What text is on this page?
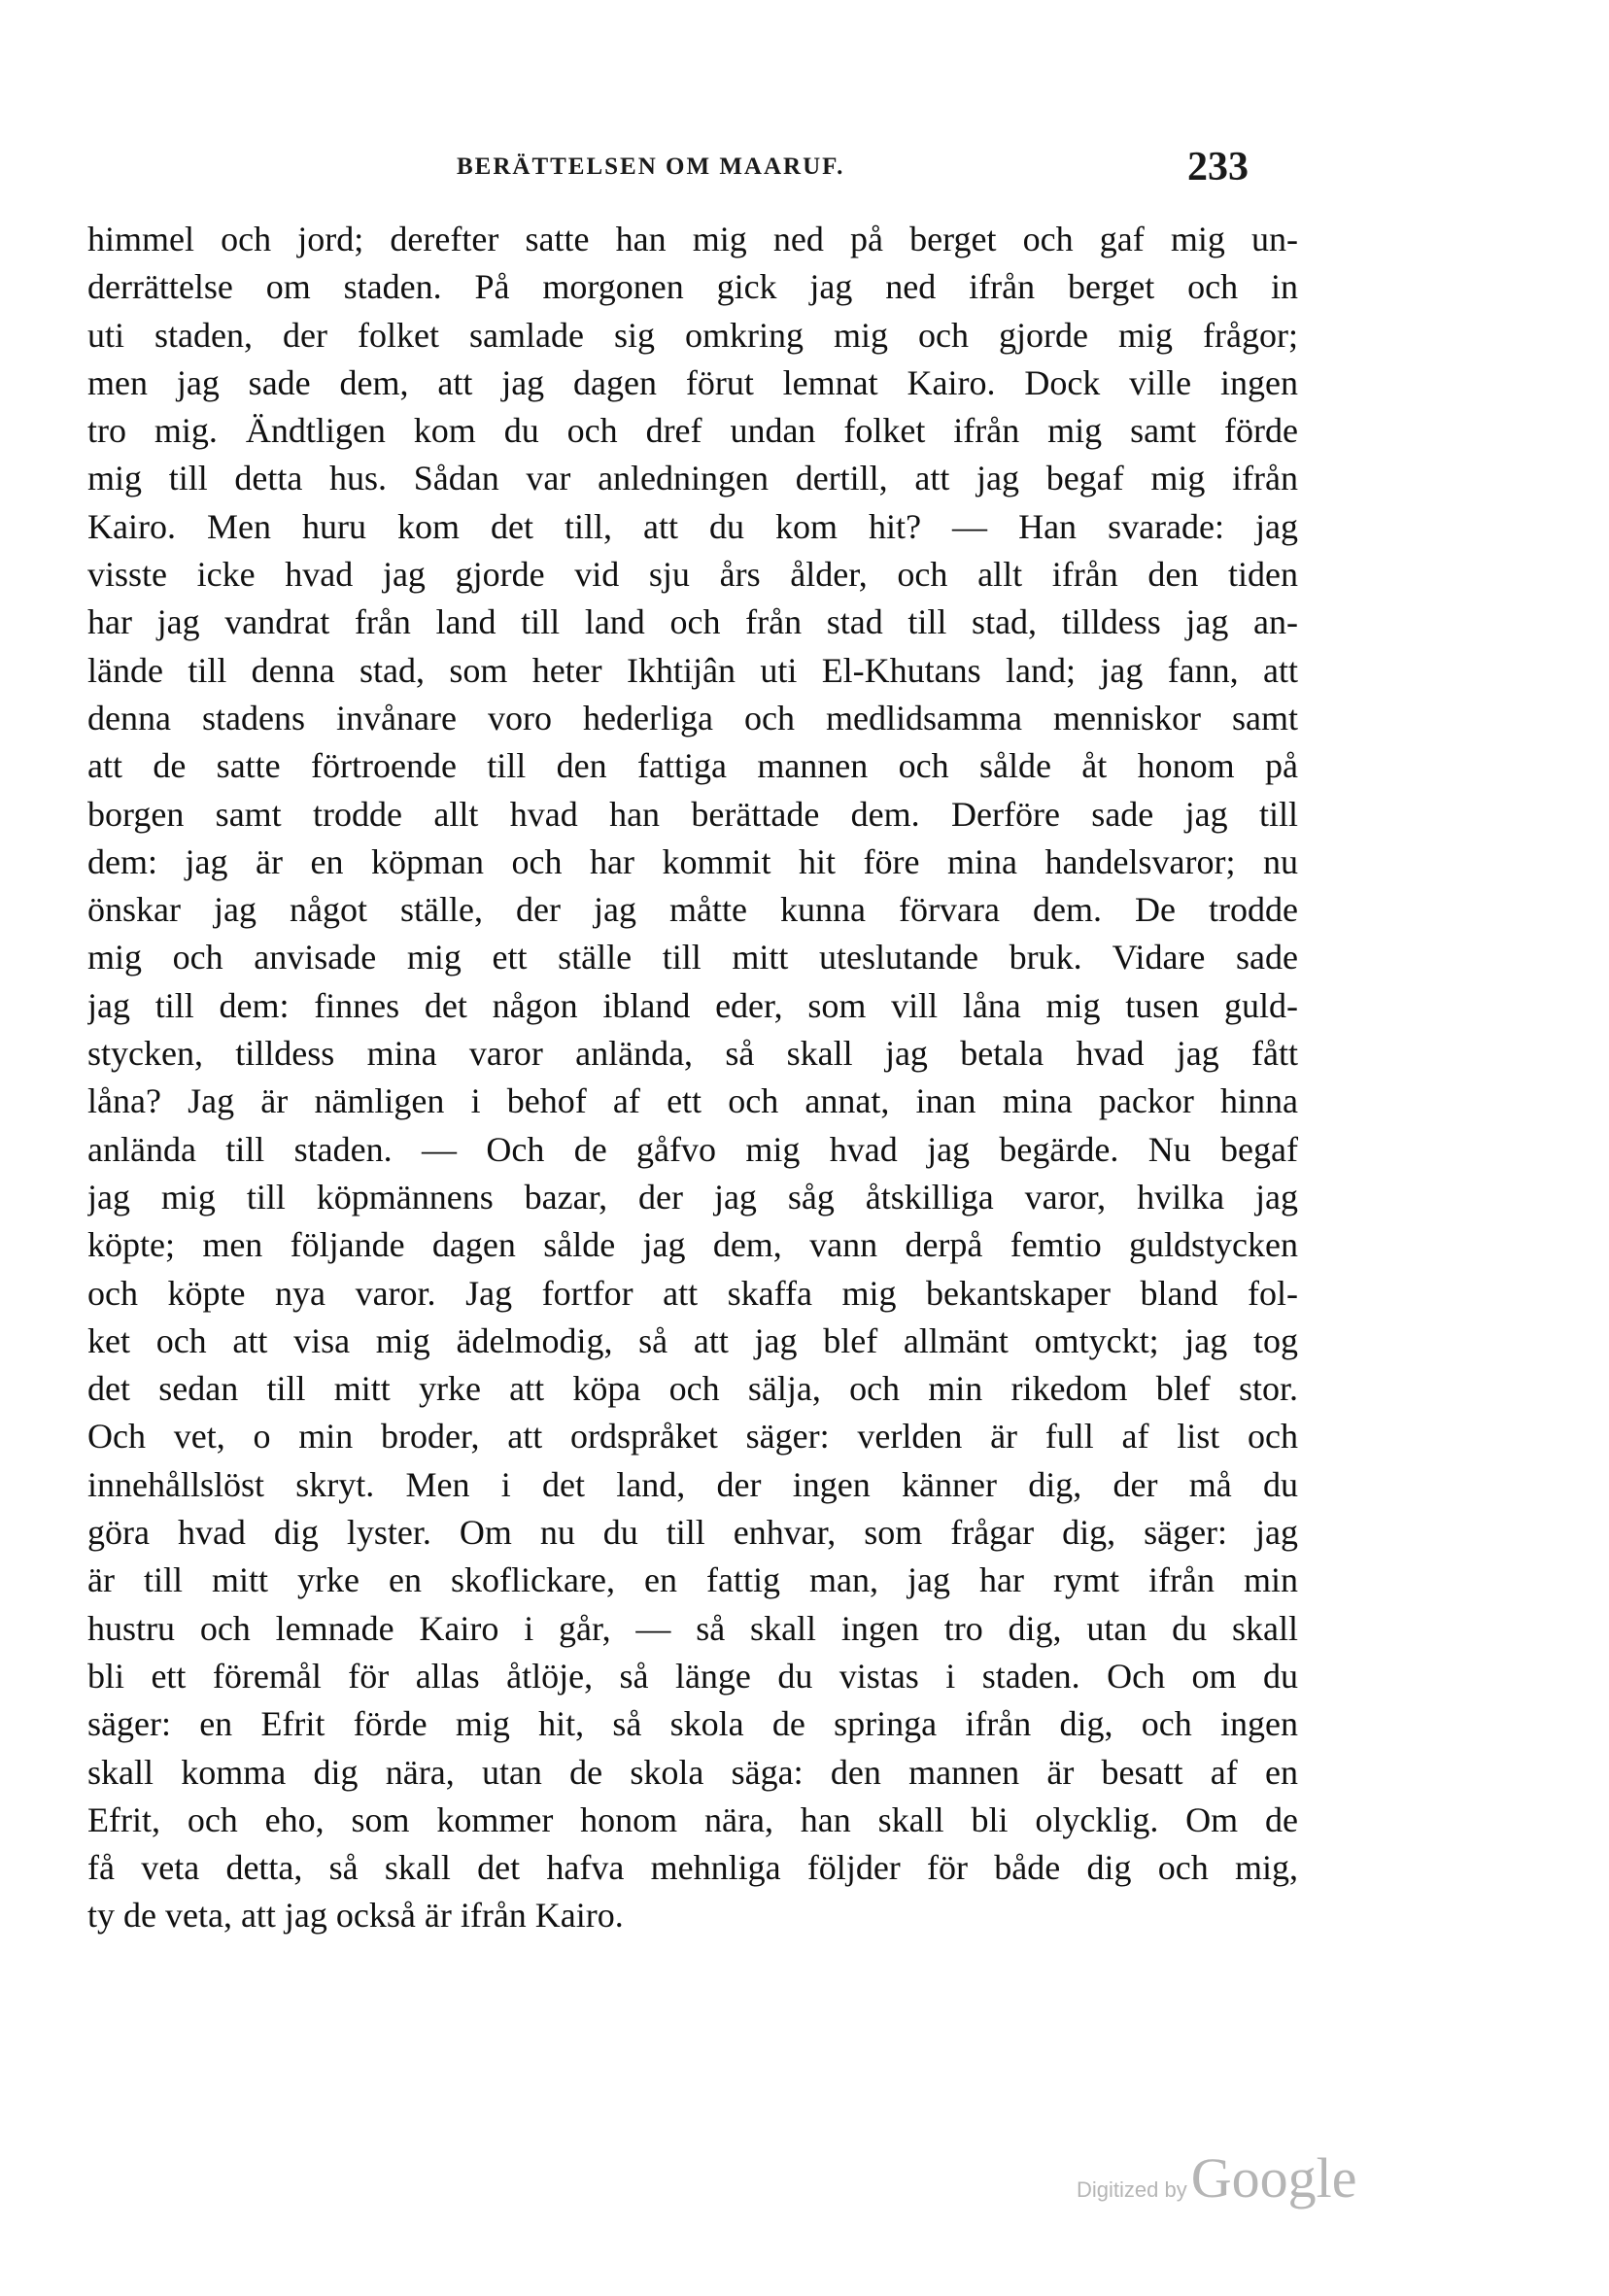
BERÄTTELSEN OM MAARUF.	233
himmel och jord; derefter satte han mig ned på berget och gaf mig un-
derrättelse om staden. På morgonen gick jag ned ifrån berget och in
uti staden, der folket samlade sig omkring mig och gjorde mig frågor;
men jag sade dem, att jag dagen förut lemnat Kairo. Dock ville ingen
tro mig. Ändtligen kom du och dref undan folket ifrån mig samt förde
mig till detta hus. Sådan var anledningen dertill, att jag begaf mig ifrån
Kairo. Men huru kom det till, att du kom hit? — Han svarade: jag
visste icke hvad jag gjorde vid sju års ålder, och allt ifrån den tiden
har jag vandrat från land till land och från stad till stad, tilldess jag an-
lände till denna stad, som heter Ikhtijân uti El-Khutans land; jag fann, att
denna stadens invånare voro hederliga och medlidsamma menniskor samt
att de satte förtroende till den fattiga mannen och sålde åt honom på
borgen samt trodde allt hvad han berättade dem. Derföre sade jag till
dem: jag är en köpman och har kommit hit före mina handelsvaror; nu
önskar jag något ställe, der jag måtte kunna förvara dem. De trodde
mig och anvisade mig ett ställe till mitt uteslutande bruk. Vidare sade
jag till dem: finnes det någon ibland eder, som vill låna mig tusen guld-
stycken, tilldess mina varor anlända, så skall jag betala hvad jag fått
låna? Jag är nämligen i behof af ett och annat, inan mina packor hinna
anlända till staden. — Och de gåfvo mig hvad jag begärde. Nu begaf
jag mig till köpmännens bazar, der jag såg åtskilliga varor, hvilka jag
köpte; men följande dagen sålde jag dem, vann derpå femtio guldstycken
och köpte nya varor. Jag fortfor att skaffa mig bekantskaper bland fol-
ket och att visa mig ädelmodig, så att jag blef allmänt omtyckt; jag tog
det sedan till mitt yrke att köpa och sälja, och min rikedom blef stor.
Och vet, o min broder, att ordspråket säger: verlden är full af list och
innehållslöst skryt. Men i det land, der ingen känner dig, der må du
göra hvad dig lyster. Om nu du till enhvar, som frågar dig, säger: jag
är till mitt yrke en skoflickare, en fattig man, jag har rymt ifrån min
hustru och lemnade Kairo i går, — så skall ingen tro dig, utan du skall
bli ett föremål för allas åtlöje, så länge du vistas i staden. Och om du
säger: en Efrit förde mig hit, så skola de springa ifrån dig, och ingen
skall komma dig nära, utan de skola säga: den mannen är besatt af en
Efrit, och eho, som kommer honom nära, han skall bli olycklig. Om de
få veta detta, så skall det hafva mehnliga följder för både dig och mig,
ty de veta, att jag också är ifrån Kairo.
Digitized by Google
